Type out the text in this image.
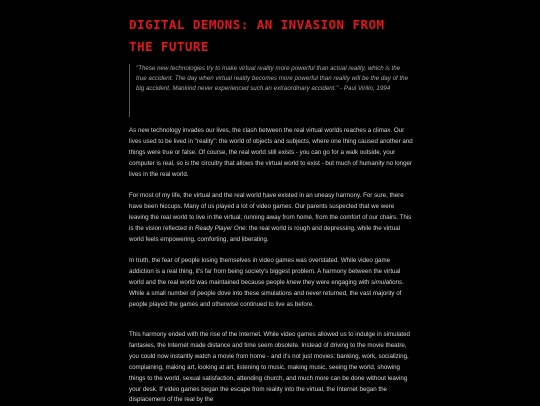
DIGITAL DEMONS: AN INVASION FROM THE FUTURE
"These new technologies try to make virtual reality more powerful than actual reality, which is the true accident. The day when virtual reality becomes more powerful than reality will be the day of the big accident. Mankind never experienced such an extraordinary accident." - Paul Virilio, 1994

As new technology invades our lives, the clash between the real virtual worlds reaches a climax. Our lives used to be lived in "reality": the world of objects and subjects, where one thing caused another and things were true or false. Of course, the real world still exists - you can go for a walk outside, your computer is real, so is the circuitry that allows the virtual world to exist - but much of humanity no longer lives in the real world.

For most of my life, the virtual and the real world have existed in an uneasy harmony. For sure, there have been hiccups. Many of us played a lot of video games. Our parents suspected that we were leaving the real world to live in the virtual; running away from home, from the comfort of our chairs. This is the vision reflected in Ready Player One: the real world is rough and depressing, while the virtual world feels empowering, comforting, and liberating.

In truth, the fear of people losing themselves in video games was overstated. While video game addiction is a real thing, it's far from being society's biggest problem. A harmony between the virtual world and the real world was maintained because people knew they were engaging with simulations. While a small number of people dove into these simulations and never returned, the vast majority of people played the games and otherwise continued to live as before.

This harmony ended with the rise of the Internet. While video games allowed us to indulge in simulated fantasies, the Internet made distance and time seem obsolete. Instead of driving to the movie theatre, you could now instantly watch a movie from home - and it's not just movies: banking, work, socializing, complaining, making art, looking at art, listening to music, making music, seeing the world, showing things to the world, sexual satisfaction, attending church, and much more can be done without leaving your desk. If video games began the escape from reality into the virtual, the Internet began the displacement of the real by the
